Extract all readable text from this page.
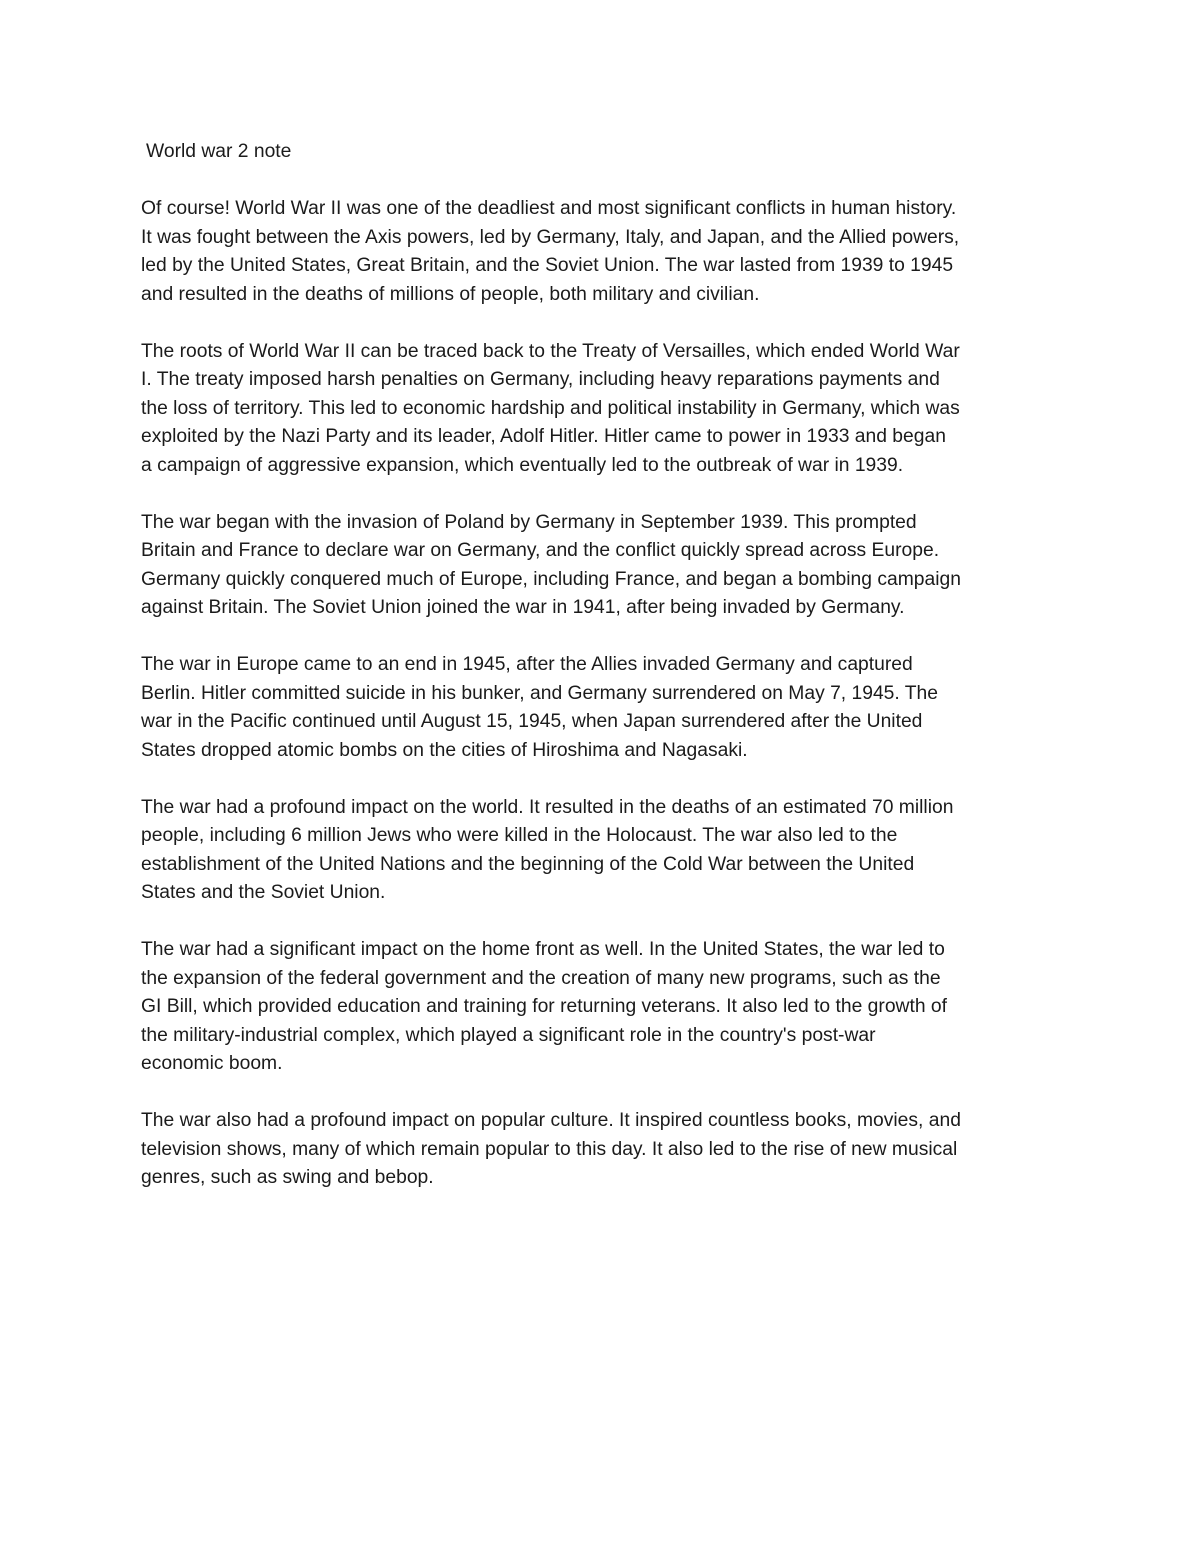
World war 2 note

Of course! World War II was one of the deadliest and most significant conflicts in human history.
It was fought between the Axis powers, led by Germany, Italy, and Japan, and the Allied powers,
led by the United States, Great Britain, and the Soviet Union. The war lasted from 1939 to 1945
and resulted in the deaths of millions of people, both military and civilian.

The roots of World War II can be traced back to the Treaty of Versailles, which ended World War
I. The treaty imposed harsh penalties on Germany, including heavy reparations payments and
the loss of territory. This led to economic hardship and political instability in Germany, which was
exploited by the Nazi Party and its leader, Adolf Hitler. Hitler came to power in 1933 and began
a campaign of aggressive expansion, which eventually led to the outbreak of war in 1939.

The war began with the invasion of Poland by Germany in September 1939. This prompted
Britain and France to declare war on Germany, and the conflict quickly spread across Europe.
Germany quickly conquered much of Europe, including France, and began a bombing campaign
against Britain. The Soviet Union joined the war in 1941, after being invaded by Germany.

The war in Europe came to an end in 1945, after the Allies invaded Germany and captured
Berlin. Hitler committed suicide in his bunker, and Germany surrendered on May 7, 1945. The
war in the Pacific continued until August 15, 1945, when Japan surrendered after the United
States dropped atomic bombs on the cities of Hiroshima and Nagasaki.

The war had a profound impact on the world. It resulted in the deaths of an estimated 70 million
people, including 6 million Jews who were killed in the Holocaust. The war also led to the
establishment of the United Nations and the beginning of the Cold War between the United
States and the Soviet Union.

The war had a significant impact on the home front as well. In the United States, the war led to
the expansion of the federal government and the creation of many new programs, such as the
GI Bill, which provided education and training for returning veterans. It also led to the growth of
the military-industrial complex, which played a significant role in the country's post-war
economic boom.

The war also had a profound impact on popular culture. It inspired countless books, movies, and
television shows, many of which remain popular to this day. It also led to the rise of new musical
genres, such as swing and bebop.
